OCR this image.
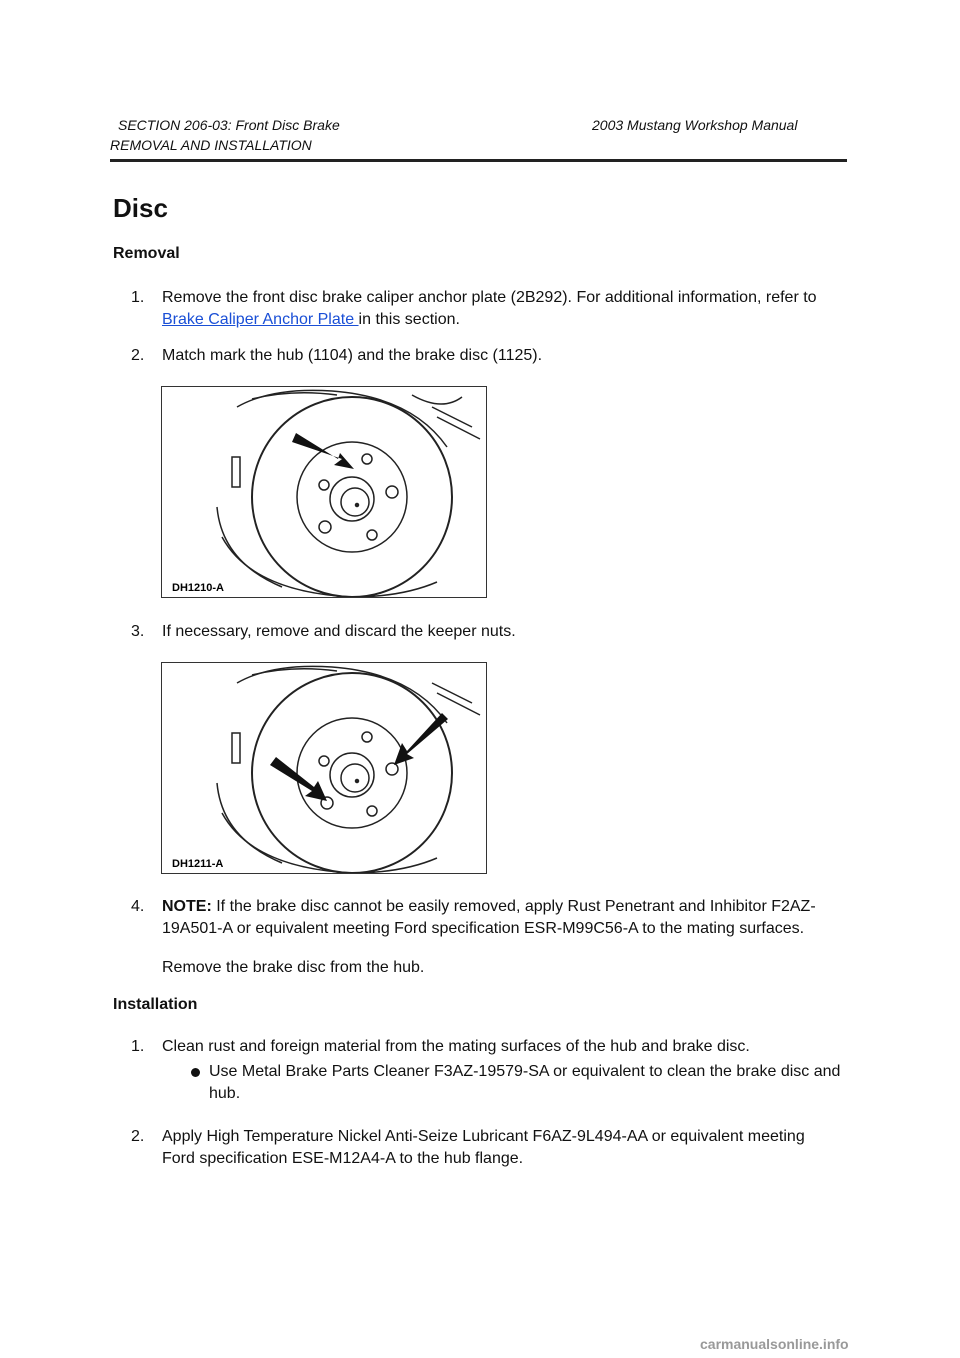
SECTION 206-03: Front Disc Brake	2003 Mustang Workshop Manual
REMOVAL AND INSTALLATION
Disc
Removal
1. Remove the front disc brake caliper anchor plate (2B292). For additional information, refer to Brake Caliper Anchor Plate in this section.
2. Match mark the hub (1104) and the brake disc (1125).
DH1210-A
3. If necessary, remove and discard the keeper nuts.
DH1211-A
4. NOTE: If the brake disc cannot be easily removed, apply Rust Penetrant and Inhibitor F2AZ-19A501-A or equivalent meeting Ford specification ESR-M99C56-A to the mating surfaces.
Remove the brake disc from the hub.
Installation
1. Clean rust and foreign material from the mating surfaces of the hub and brake disc.
Use Metal Brake Parts Cleaner F3AZ-19579-SA or equivalent to clean the brake disc and hub.
2. Apply High Temperature Nickel Anti-Seize Lubricant F6AZ-9L494-AA or equivalent meeting Ford specification ESE-M12A4-A to the hub flange.
carmanualsonline.info
